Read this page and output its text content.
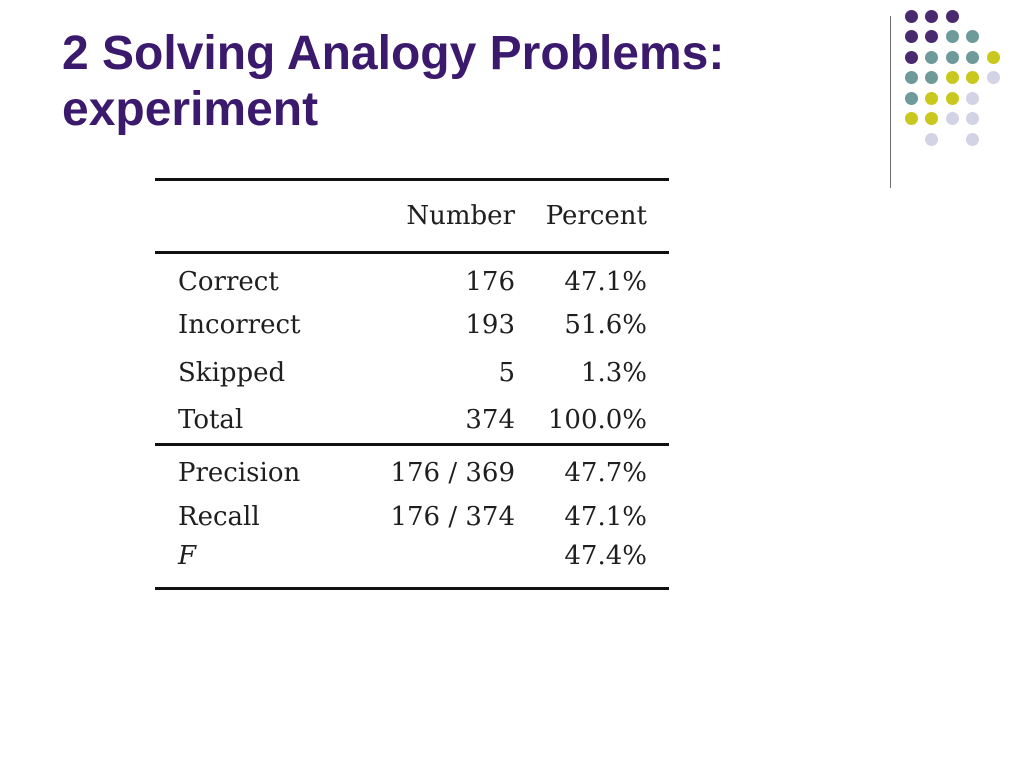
2 Solving Analogy Problems:
experiment
	Number	Percent
Correct	176	47.1%
Incorrect	193	51.6%
Skipped	5	1.3%
Total	374	100.0%
Precision	176 / 369	47.7%
Recall	176 / 374	47.1%
F		47.4%
